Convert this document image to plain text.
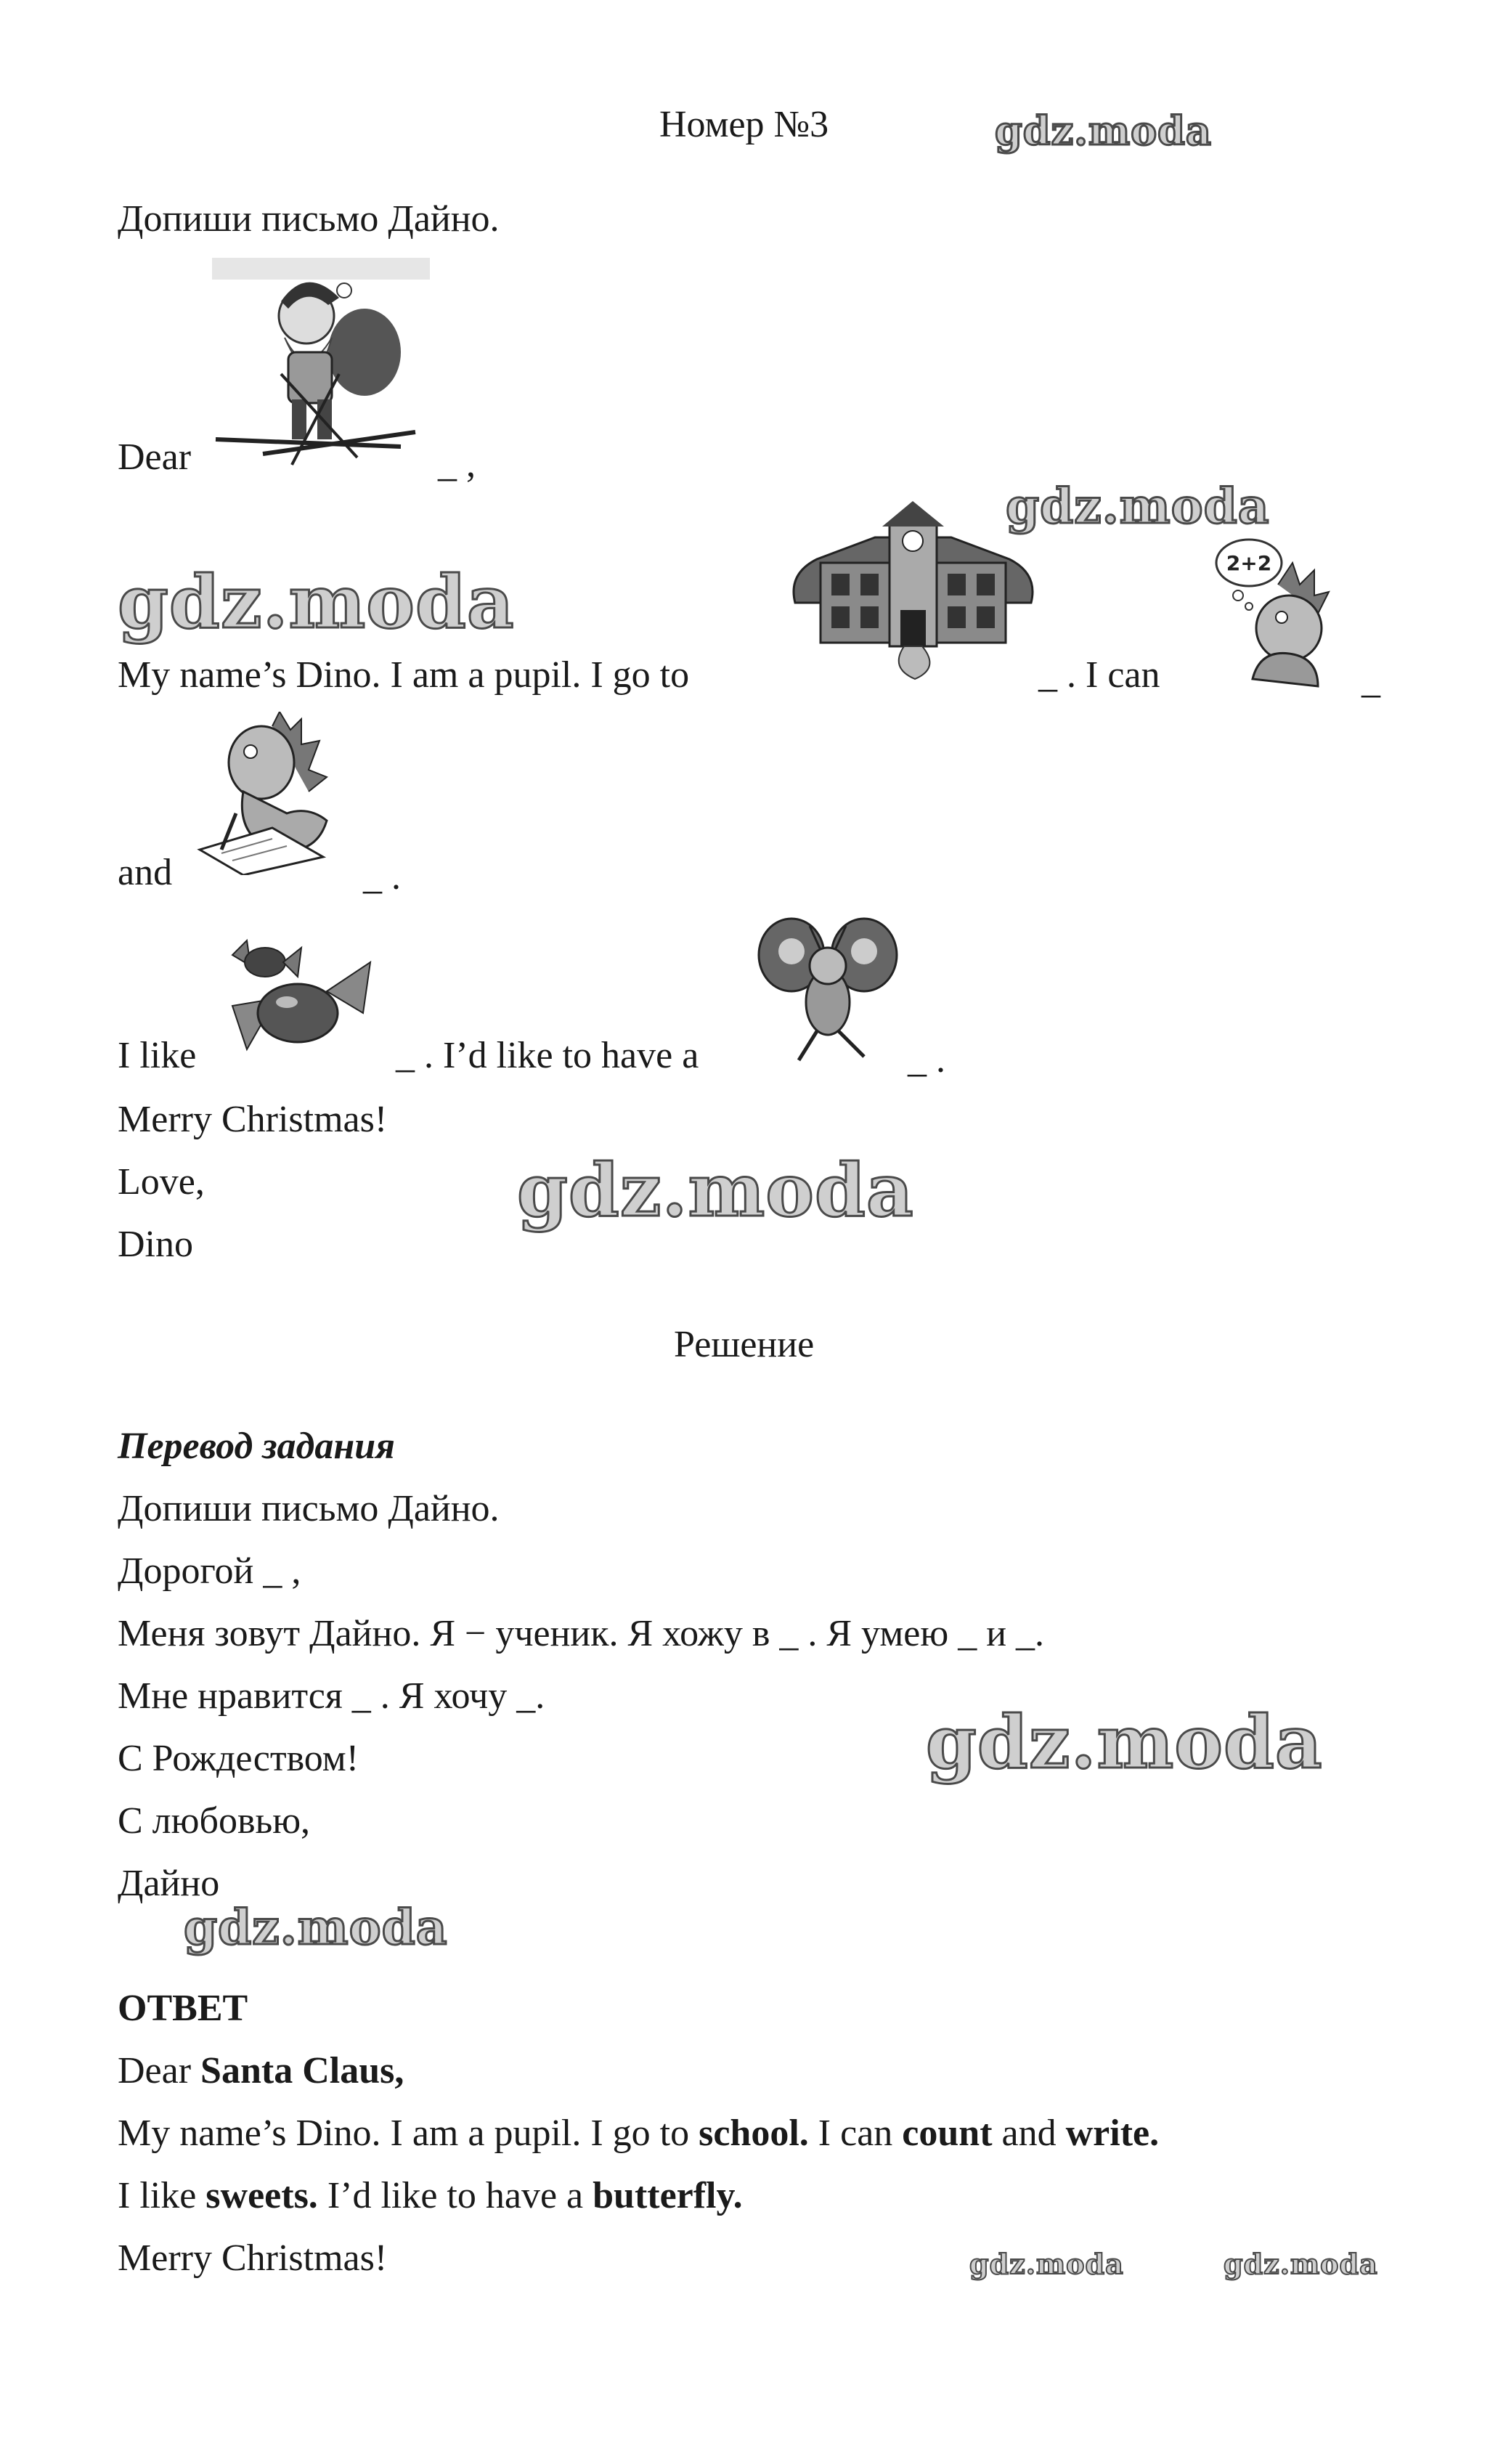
Номер №3
Допиши письмо Дайно.
Dear	_ ,
gdz.moda
gdz.moda
2+2
My name’s Dino. I am a pupil. I go to	_ . I can	_
gdz.moda
and	_ .
I like	_ . I’d like to have a	_ .
Merry Christmas!
Love,
Dino
gdz.moda
Решение
Перевод задания
Допиши письмо Дайно.
Дорогой _ ,
Меня зовут Дайно. Я − ученик. Я хожу в _ . Я умею _ и _.
Мне нравится _ . Я хочу _.
С Рождеством!
С любовью,
Дайно
gdz.moda
gdz.moda
ОТВЕТ
Dear Santa Claus,
My name’s Dino. I am a pupil. I go to school. I can count and write.
I like sweets. I’d like to have a butterfly.
Merry Christmas!	gdz.moda	gdz.moda
